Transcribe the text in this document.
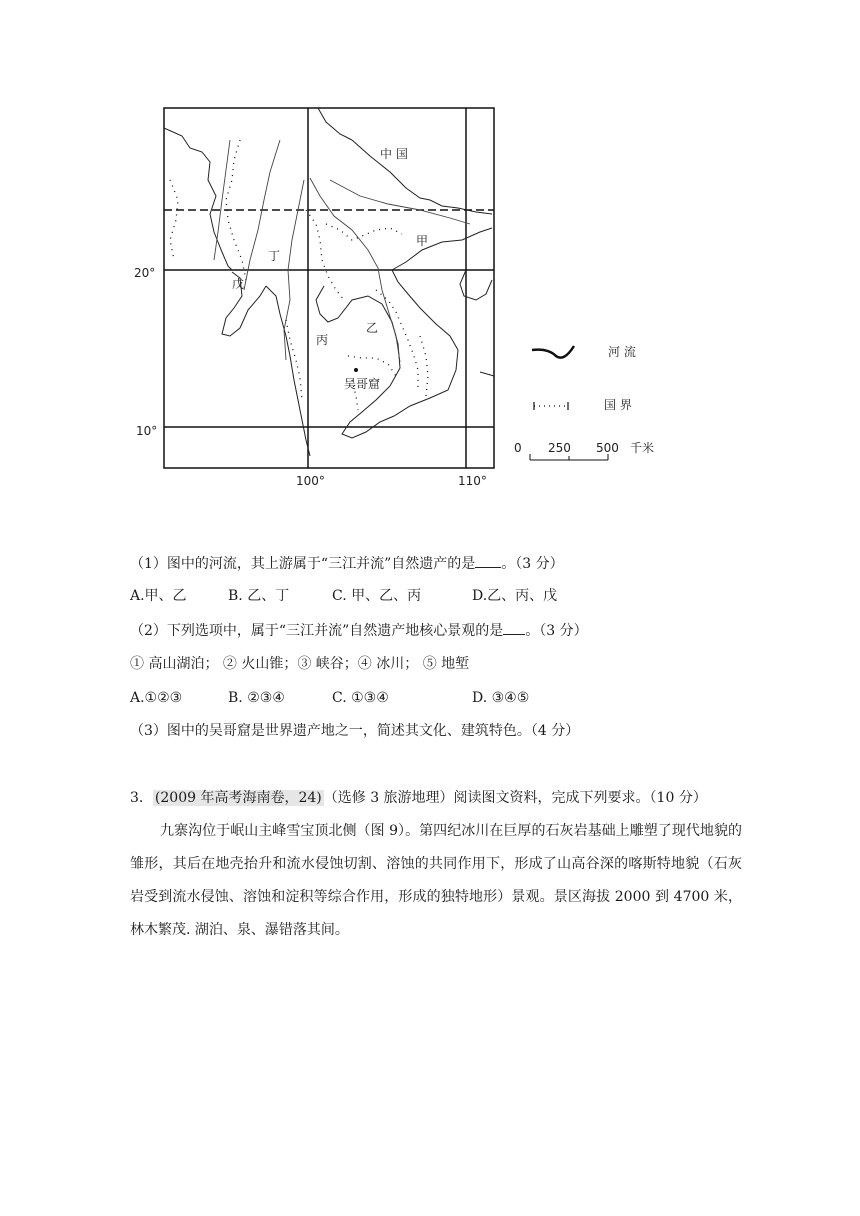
中 国
甲
乙
丙
丁
戊
吴哥窟
20°
10°
100°	110°
河 流
国 界
0 250 500 千米
（1）图中的河流，其上游属于“三江并流”自然遗产的是 。（3 分）
A.甲、乙	B. 乙、丁	C. 甲、乙、丙	D.乙、丙、戊
（2）下列选项中，属于“三江并流”自然遗产地核心景观的是 。（3 分）
① 高山湖泊； ② 火山锥；③ 峡谷；④ 冰川； ⑤ 地堑
A.①②③	B. ②③④	C. ①③④	D. ③④⑤
（3）图中的吴哥窟是世界遗产地之一，简述其文化、建筑特色。（4 分）
3． (2009 年高考海南卷，24) （选修 3 旅游地理）阅读图文资料，完成下列要求。（10 分）
九寨沟位于岷山主峰雪宝顶北侧（图 9）。第四纪冰川在巨厚的石灰岩基础上雕塑了现代地貌的雏形，其后在地壳抬升和流水侵蚀切割、溶蚀的共同作用下，形成了山高谷深的喀斯特地貌（石灰岩受到流水侵蚀、溶蚀和淀积等综合作用，形成的独特地形）景观。景区海拔 2000 到 4700 米，林木繁茂. 湖泊、泉、瀑错落其间。
